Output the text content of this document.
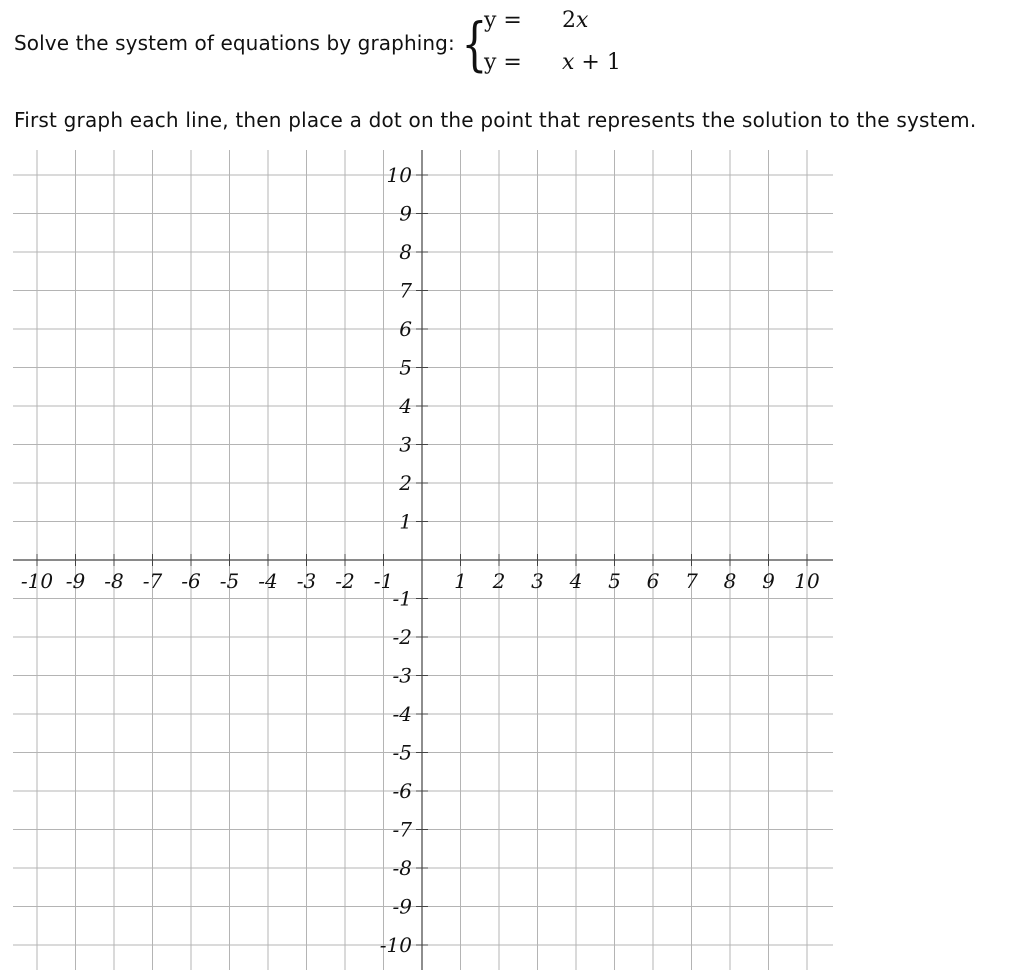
Solve the system of equations by graphing: {
y = 2x
y = x + 1
First graph each line, then place a dot on the point that represents the solution to the system.
-10 -9 -8 -7 -6 -5 -4 -3 -2 -1	1 2 3 4 5 6 7 8 9 10
10
9
8
7
6
5
4
3
2
1
-1
-2
-3
-4
-5
-6
-7
-8
-9
-10
